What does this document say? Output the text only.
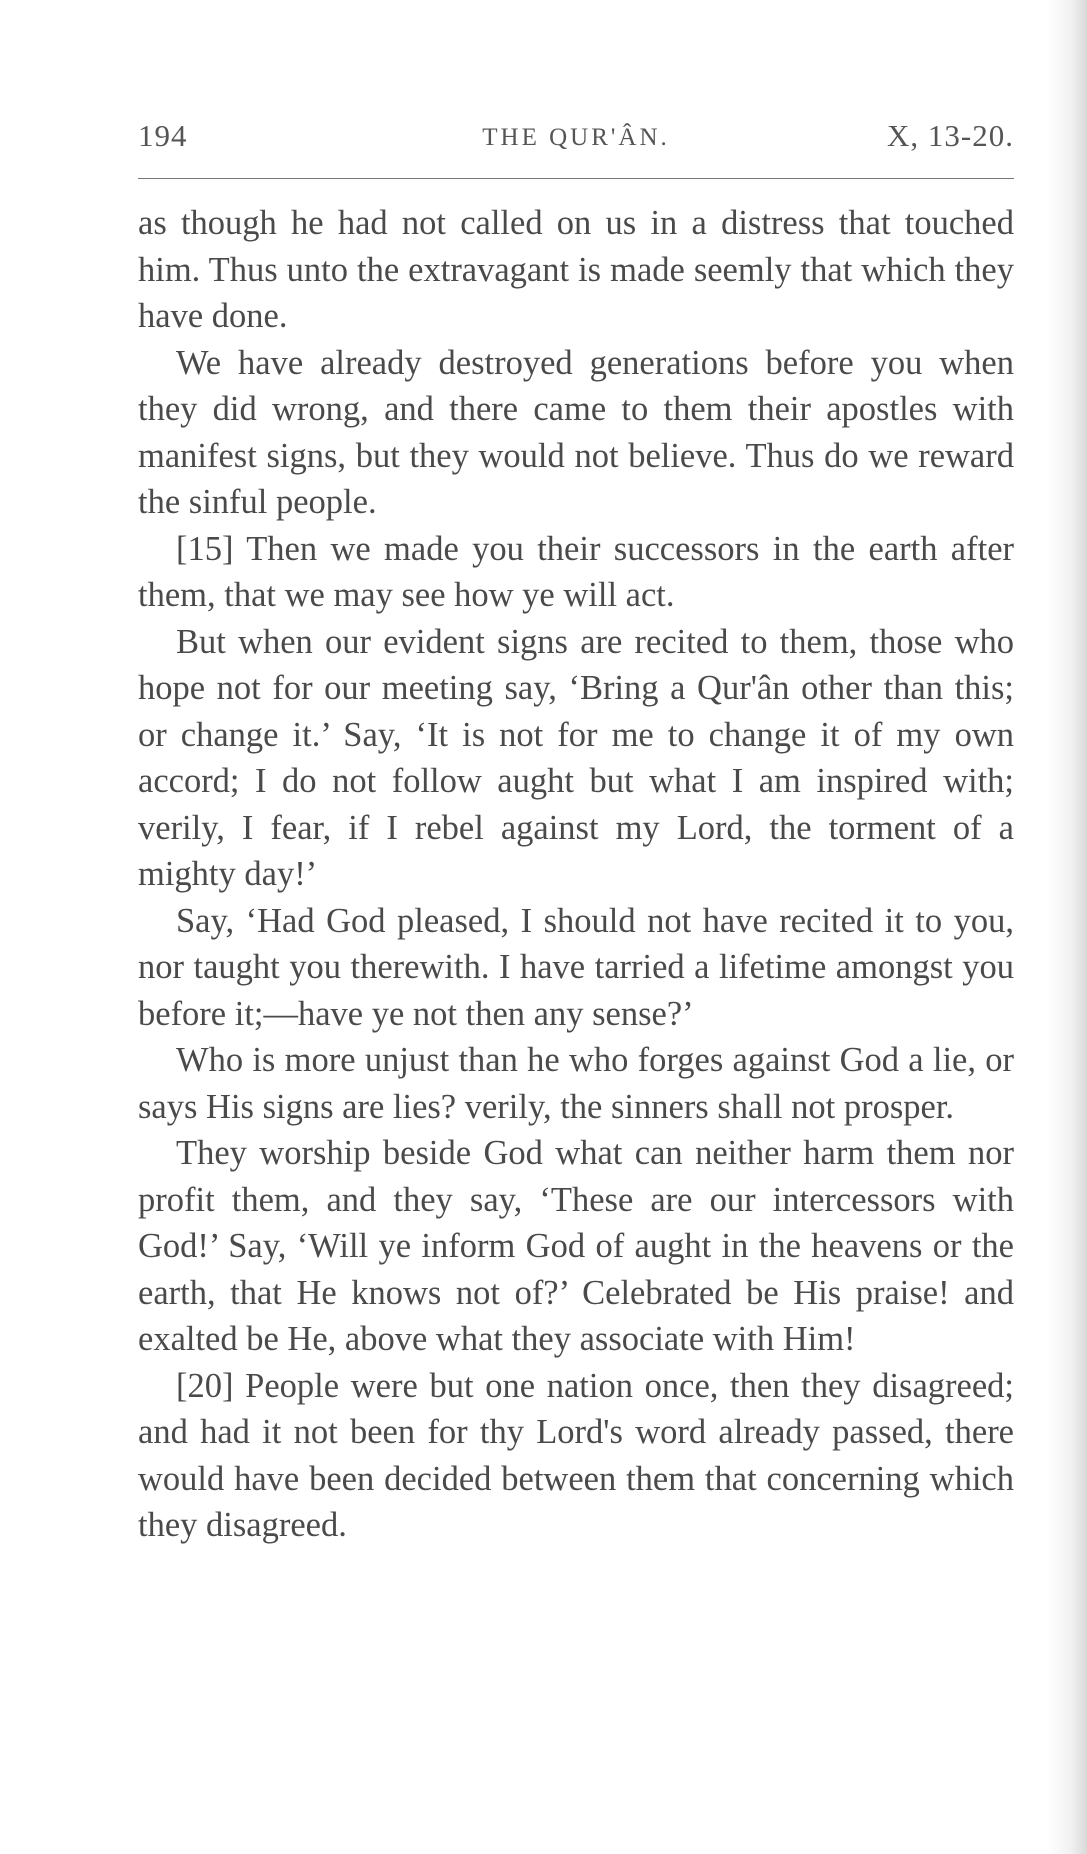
194	THE QUR'ÂN.	X, 13-20.

as though he had not called on us in a distress that touched him. Thus unto the extravagant is made seemly that which they have done.

We have already destroyed generations before you when they did wrong, and there came to them their apostles with manifest signs, but they would not believe. Thus do we reward the sinful people.

[15] Then we made you their successors in the earth after them, that we may see how ye will act.

But when our evident signs are recited to them, those who hope not for our meeting say, ‘Bring a Qur'ân other than this; or change it.’ Say, ‘It is not for me to change it of my own accord; I do not follow aught but what I am inspired with; verily, I fear, if I rebel against my Lord, the torment of a mighty day!’

Say, ‘Had God pleased, I should not have recited it to you, nor taught you therewith. I have tarried a lifetime amongst you before it;—have ye not then any sense?’

Who is more unjust than he who forges against God a lie, or says His signs are lies? verily, the sinners shall not prosper.

They worship beside God what can neither harm them nor profit them, and they say, ‘These are our intercessors with God!’ Say, ‘Will ye inform God of aught in the heavens or the earth, that He knows not of?’ Celebrated be His praise! and exalted be He, above what they associate with Him!

[20] People were but one nation once, then they disagreed; and had it not been for thy Lord's word already passed, there would have been decided between them that concerning which they disagreed.
